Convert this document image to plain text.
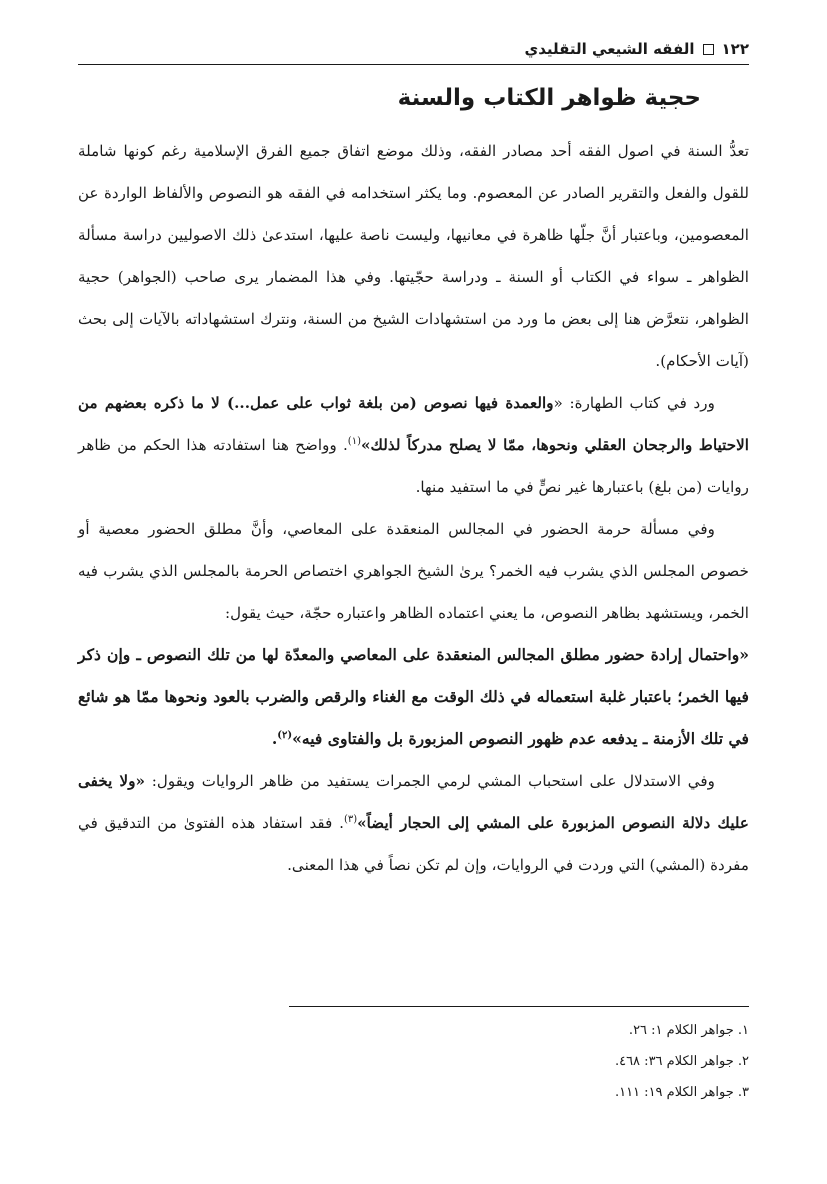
١٢٢
الفقه الشيعي التقليدي
حجية ظواهر الكتاب والسنة

تعدُّ السنة في اصول الفقه أحد مصادر الفقه، وذلك موضع اتفاق جميع الفرق الإسلامية رغم كونها شاملة للقول والفعل والتقرير الصادر عن المعصوم. وما يكثر استخدامه في الفقه هو النصوص والألفاظ الواردة عن المعصومين، وباعتبار أنَّ جلّها ظاهرة في معانيها، وليست ناصة عليها، استدعىٰ ذلك الاصوليين دراسة مسألة الظواهر ـ سواء في الكتاب أو السنة ـ ودراسة حجّيتها. وفي هذا المضمار يرى صاحب (الجواهر) حجية الظواهر، نتعرَّض هنا إلى بعض ما ورد من استشهادات الشيخ من السنة، ونترك استشهاداته بالآيات إلى بحث (آيات الأحكام).

ورد في كتاب الطهارة: «والعمدة فيها نصوص (من بلغة ثواب على عمل...) لا ما ذكره بعضهم من الاحتياط والرجحان العقلي ونحوها، ممّا لا يصلح مدركاً لذلك»$^{(١)}$. وواضح هنا استفادته هذا الحكم من ظاهر روايات (من بلغ) باعتبارها غير نصٍّ في ما استفيد منها.

وفي مسألة حرمة الحضور في المجالس المنعقدة على المعاصي، وأنَّ مطلق الحضور معصية أو خصوص المجلس الذي يشرب فيه الخمر؟ يرىٰ الشيخ الجواهري اختصاص الحرمة بالمجلس الذي يشرب فيه الخمر، ويستشهد بظاهر النصوص، ما يعني اعتماده الظاهر واعتباره حجّة، حيث يقول:

«واحتمال إرادة حضور مطلق المجالس المنعقدة على المعاصي والمعدّة لها من تلك النصوص ـ وإن ذكر فيها الخمر؛ باعتبار غلبة استعماله في ذلك الوقت مع الغناء والرقص والضرب بالعود ونحوها ممّا هو شائع في تلك الأزمنة ـ يدفعه عدم ظهور النصوص المزبورة بل والفتاوى فيه»$^{(٢)}$.

وفي الاستدلال على استحباب المشي لرمي الجمرات يستفيد من ظاهر الروايات ويقول: «ولا يخفى عليك دلالة النصوص المزبورة على المشي إلى الحجار أيضاً»$^{(٣)}$. فقد استفاد هذه الفتوىٰ من التدقيق في مفردة (المشي) التي وردت في الروايات، وإن لم تكن نصاً في هذا المعنى.

١. جواهر الكلام ١: ٢٦.
٢. جواهر الكلام ٣٦: ٤٦٨.
٣. جواهر الكلام ١٩: ١١١.
